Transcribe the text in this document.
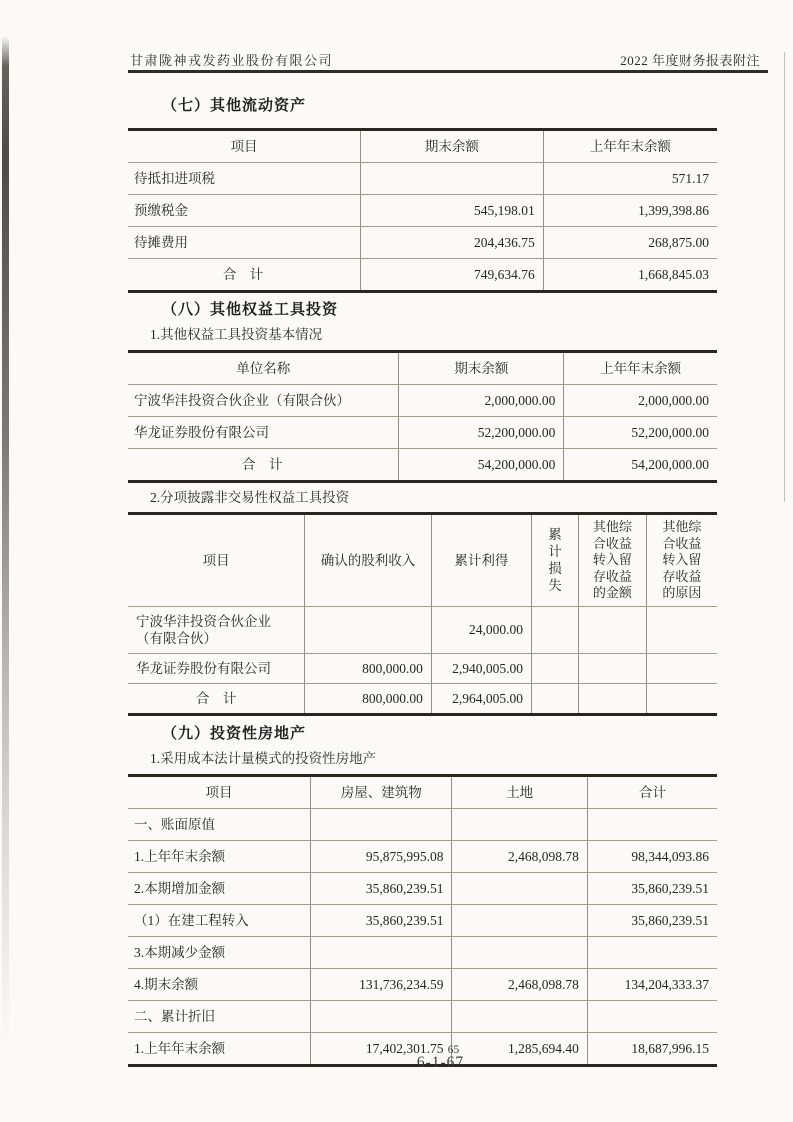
甘肃陇神戎发药业股份有限公司	2022 年度财务报表附注
（七）其他流动资产
项目	期末余额	上年年末余额
待抵扣进项税		571.17
预缴税金	545,198.01	1,399,398.86
待摊费用	204,436.75	268,875.00
合　计	749,634.76	1,668,845.03
（八）其他权益工具投资

1.其他权益工具投资基本情况

单位名称	期末余额	上年年末余额
宁波华沣投资合伙企业（有限合伙）	2,000,000.00	2,000,000.00
华龙证券股份有限公司	52,200,000.00	52,200,000.00
合　计	54,200,000.00	54,200,000.00

2.分项披露非交易性权益工具投资

项目	确认的股利收入	累计利得	累计损失	其他综合收益转入留存收益的金额	其他综合收益转入留存收益的原因
宁波华沣投资合伙企业（有限合伙）		24,000.00			
华龙证券股份有限公司	800,000.00	2,940,005.00			
合　计	800,000.00	2,964,005.00			
（九）投资性房地产

1.采用成本法计量模式的投资性房地产

项目	房屋、建筑物	土地	合计
一、账面原值			
1.上年年末余额	95,875,995.08	2,468,098.78	98,344,093.86
2.本期增加金额	35,860,239.51		35,860,239.51
（1）在建工程转入	35,860,239.51		35,860,239.51
3.本期减少金额			
4.期末余额	131,736,234.59	2,468,098.78	134,204,333.37
二、累计折旧			
1.上年年末余额	17,402,301.75	1,285,694.40	18,687,996.15
65
6-1-67
